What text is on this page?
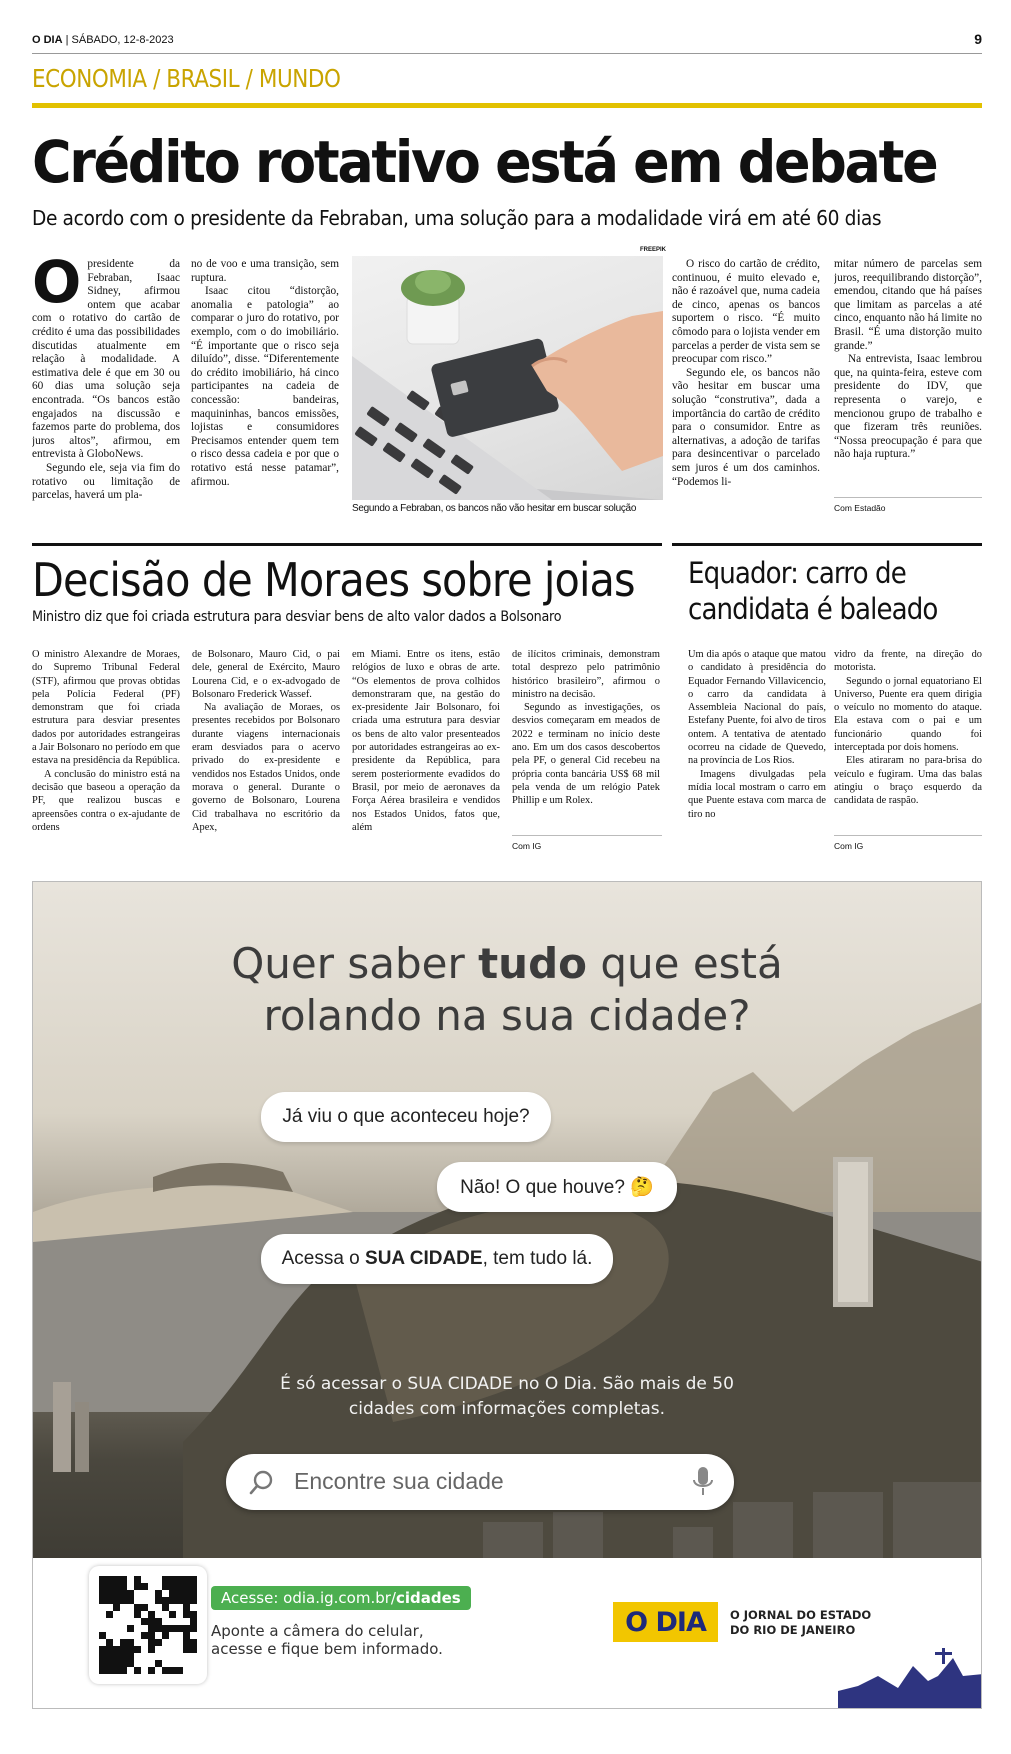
O DIA | SÁBADO, 12-8-2023	9
ECONOMIA / BRASIL / MUNDO
Crédito rotativo está em debate
De acordo com o presidente da Febraban, uma solução para a modalidade virá em até 60 dias

Opresidente da Febraban, Isaac Sidney, afirmou ontem que acabar com o rotativo do cartão de crédito é uma das possibilidades discutidas atualmente em relação à modalidade. A estimativa dele é que em 30 ou 60 dias uma solução seja encontrada. “Os bancos estão engajados na discussão e fazemos parte do problema, dos juros altos”, afirmou, em entrevista à GloboNews.

Segundo ele, seja via fim do rotativo ou limitação de parcelas, haverá um pla-

no de voo e uma transição, sem ruptura.

Isaac citou “distorção, anomalia e patologia” ao comparar o juro do rotativo, por exemplo, com o do imobiliário. “É importante que o risco seja diluído”, disse. “Diferentemente do crédito imobiliário, há cinco participantes na cadeia de concessão: bandeiras, maquininhas, bancos emissões, lojistas e consumidores Precisamos entender quem tem o risco dessa cadeia e por que o rotativo está nesse patamar”, afirmou.

FREEPIK
Segundo a Febraban, os bancos não vão hesitar em buscar solução

O risco do cartão de crédito, continuou, é muito elevado e, não é razoável que, numa cadeia de cinco, apenas os bancos suportem o risco. “É muito cômodo para o lojista vender em parcelas a perder de vista sem se preocupar com risco.”

Segundo ele, os bancos não vão hesitar em buscar uma solução “construtiva”, dada a importância do cartão de crédito para o consumidor. Entre as alternativas, a adoção de tarifas para desincentivar o parcelado sem juros é um dos caminhos. “Podemos li-

mitar número de parcelas sem juros, reequilibrando distorção”, emendou, citando que há países que limitam as parcelas a até cinco, enquanto não há limite no Brasil. “É uma distorção muito grande.”

Na entrevista, Isaac lembrou que, na quinta-feira, esteve com presidente do IDV, que representa o varejo, e mencionou grupo de trabalho e que fizeram três reuniões. “Nossa preocupação é para que não haja ruptura.”

Com Estadão
Decisão de Moraes sobre joias
Ministro diz que foi criada estrutura para desviar bens de alto valor dados a Bolsonaro

O ministro Alexandre de Moraes, do Supremo Tribunal Federal (STF), afirmou que provas obtidas pela Polícia Federal (PF) demonstram que foi criada estrutura para desviar presentes dados por autoridades estrangeiras a Jair Bolsonaro no período em que estava na presidência da República.

A conclusão do ministro está na decisão que baseou a operação da PF, que realizou buscas e apreensões contra o ex-ajudante de ordens

de Bolsonaro, Mauro Cid, o pai dele, general de Exército, Mauro Lourena Cid, e o ex-advogado de Bolsonaro Frederick Wassef.

Na avaliação de Moraes, os presentes recebidos por Bolsonaro durante viagens internacionais eram desviados para o acervo privado do ex-presidente e vendidos nos Estados Unidos, onde morava o general. Durante o governo de Bolsonaro, Lourena Cid trabalhava no escritório da Apex,

em Miami. Entre os itens, estão relógios de luxo e obras de arte. “Os elementos de prova colhidos demonstraram que, na gestão do ex-presidente Jair Bolsonaro, foi criada uma estrutura para desviar os bens de alto valor presenteados por autoridades estrangeiras ao ex-presidente da República, para serem posteriormente evadidos do Brasil, por meio de aeronaves da Força Aérea brasileira e vendidos nos Estados Unidos, fatos que, além

de ilícitos criminais, demonstram total desprezo pelo patrimônio histórico brasileiro”, afirmou o ministro na decisão.

Segundo as investigações, os desvios começaram em meados de 2022 e terminam no início deste ano. Em um dos casos descobertos pela PF, o general Cid recebeu na própria conta bancária US$ 68 mil pela venda de um relógio Patek Phillip e um Rolex.

Com IG
Equador: carro de
candidata é baleado

Um dia após o ataque que matou o candidato à presidência do Equador Fernando Villavicencio, o carro da candidata à Assembleia Nacional do país, Estefany Puente, foi alvo de tiros ontem. A tentativa de atentado ocorreu na cidade de Quevedo, na província de Los Rios.

Imagens divulgadas pela mídia local mostram o carro em que Puente estava com marca de tiro no

vidro da frente, na direção do motorista.

Segundo o jornal equatoriano El Universo, Puente era quem dirigia o veículo no momento do ataque. Ela estava com o pai e um funcionário quando foi interceptada por dois homens.

Eles atiraram no para-brisa do veículo e fugiram. Uma das balas atingiu o braço esquerdo da candidata de raspão.

Com IG
Quer saber tudo que está
rolando na sua cidade?
Já viu o que aconteceu hoje?
Não! O que houve? 🤔
Acessa o SUA CIDADE, tem tudo lá.
É só acessar o SUA CIDADE no O Dia. São mais de 50
cidades com informações completas.
Encontre sua cidade
Acesse: odia.ig.com.br/cidades
Aponte a câmera do celular,
acesse e fique bem informado.
O DIA	O JORNAL DO ESTADO
DO RIO DE JANEIRO
